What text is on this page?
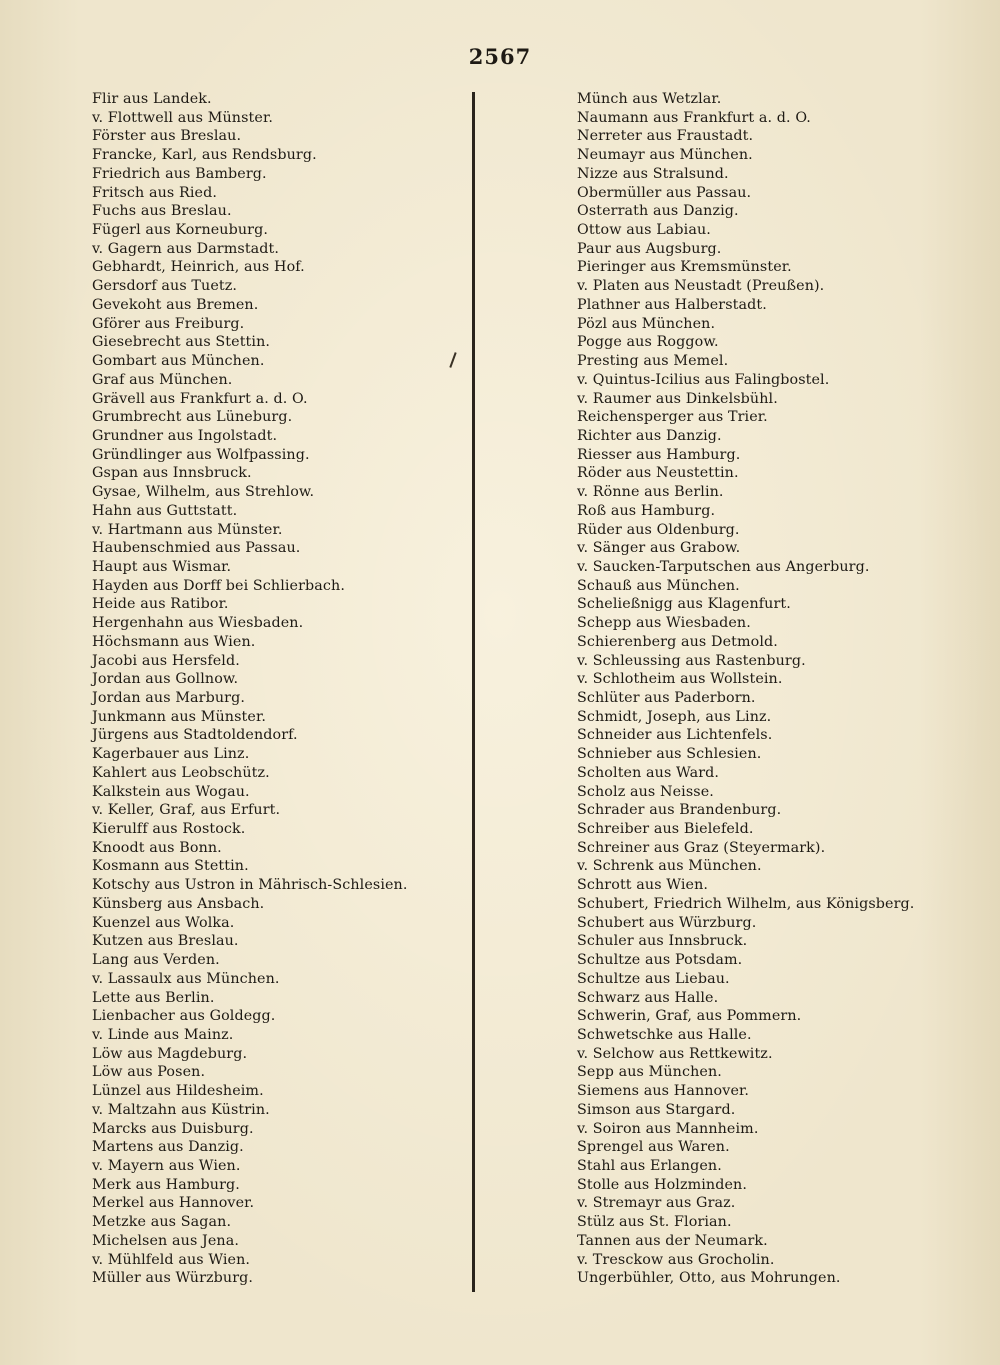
2567
Flir aus Landek.
v. Flottwell aus Münster.
Förster aus Breslau.
Francke, Karl, aus Rendsburg.
Friedrich aus Bamberg.
Fritsch aus Ried.
Fuchs aus Breslau.
Fügerl aus Korneuburg.
v. Gagern aus Darmstadt.
Gebhardt, Heinrich, aus Hof.
Gersdorf aus Tuetz.
Gevekoht aus Bremen.
Gförer aus Freiburg.
Giesebrecht aus Stettin.
Gombart aus München.
Graf aus München.
Grävell aus Frankfurt a. d. O.
Grumbrecht aus Lüneburg.
Grundner aus Ingolstadt.
Gründlinger aus Wolfpassing.
Gspan aus Innsbruck.
Gysae, Wilhelm, aus Strehlow.
Hahn aus Guttstatt.
v. Hartmann aus Münster.
Haubenschmied aus Passau.
Haupt aus Wismar.
Hayden aus Dorff bei Schlierbach.
Heide aus Ratibor.
Hergenhahn aus Wiesbaden.
Höchsmann aus Wien.
Jacobi aus Hersfeld.
Jordan aus Gollnow.
Jordan aus Marburg.
Junkmann aus Münster.
Jürgens aus Stadtoldendorf.
Kagerbauer aus Linz.
Kahlert aus Leobschütz.
Kalkstein aus Wogau.
v. Keller, Graf, aus Erfurt.
Kierulff aus Rostock.
Knoodt aus Bonn.
Kosmann aus Stettin.
Kotschy aus Ustron in Mährisch-Schlesien.
Künsberg aus Ansbach.
Kuenzel aus Wolka.
Kutzen aus Breslau.
Lang aus Verden.
v. Lassaulx aus München.
Lette aus Berlin.
Lienbacher aus Goldegg.
v. Linde aus Mainz.
Löw aus Magdeburg.
Löw aus Posen.
Lünzel aus Hildesheim.
v. Maltzahn aus Küstrin.
Marcks aus Duisburg.
Martens aus Danzig.
v. Mayern aus Wien.
Merk aus Hamburg.
Merkel aus Hannover.
Metzke aus Sagan.
Michelsen aus Jena.
v. Mühlfeld aus Wien.
Müller aus Würzburg.
Münch aus Wetzlar.
Naumann aus Frankfurt a. d. O.
Nerreter aus Fraustadt.
Neumayr aus München.
Nizze aus Stralsund.
Obermüller aus Passau.
Osterrath aus Danzig.
Ottow aus Labiau.
Paur aus Augsburg.
Pieringer aus Kremsmünster.
v. Platen aus Neustadt (Preußen).
Plathner aus Halberstadt.
Pözl aus München.
Pogge aus Roggow.
Presting aus Memel.
v. Quintus-Icilius aus Falingbostel.
v. Raumer aus Dinkelsbühl.
Reichensperger aus Trier.
Richter aus Danzig.
Riesser aus Hamburg.
Röder aus Neustettin.
v. Rönne aus Berlin.
Roß aus Hamburg.
Rüder aus Oldenburg.
v. Sänger aus Grabow.
v. Saucken-Tarputschen aus Angerburg.
Schauß aus München.
Scheließnigg aus Klagenfurt.
Schepp aus Wiesbaden.
Schierenberg aus Detmold.
v. Schleussing aus Rastenburg.
v. Schlotheim aus Wollstein.
Schlüter aus Paderborn.
Schmidt, Joseph, aus Linz.
Schneider aus Lichtenfels.
Schnieber aus Schlesien.
Scholten aus Ward.
Scholz aus Neisse.
Schrader aus Brandenburg.
Schreiber aus Bielefeld.
Schreiner aus Graz (Steyermark).
v. Schrenk aus München.
Schrott aus Wien.
Schubert, Friedrich Wilhelm, aus Königsberg.
Schubert aus Würzburg.
Schuler aus Innsbruck.
Schultze aus Potsdam.
Schultze aus Liebau.
Schwarz aus Halle.
Schwerin, Graf, aus Pommern.
Schwetschke aus Halle.
v. Selchow aus Rettkewitz.
Sepp aus München.
Siemens aus Hannover.
Simson aus Stargard.
v. Soiron aus Mannheim.
Sprengel aus Waren.
Stahl aus Erlangen.
Stolle aus Holzminden.
v. Stremayr aus Graz.
Stülz aus St. Florian.
Tannen aus der Neumark.
v. Tresckow aus Grocholin.
Ungerbühler, Otto, aus Mohrungen.
